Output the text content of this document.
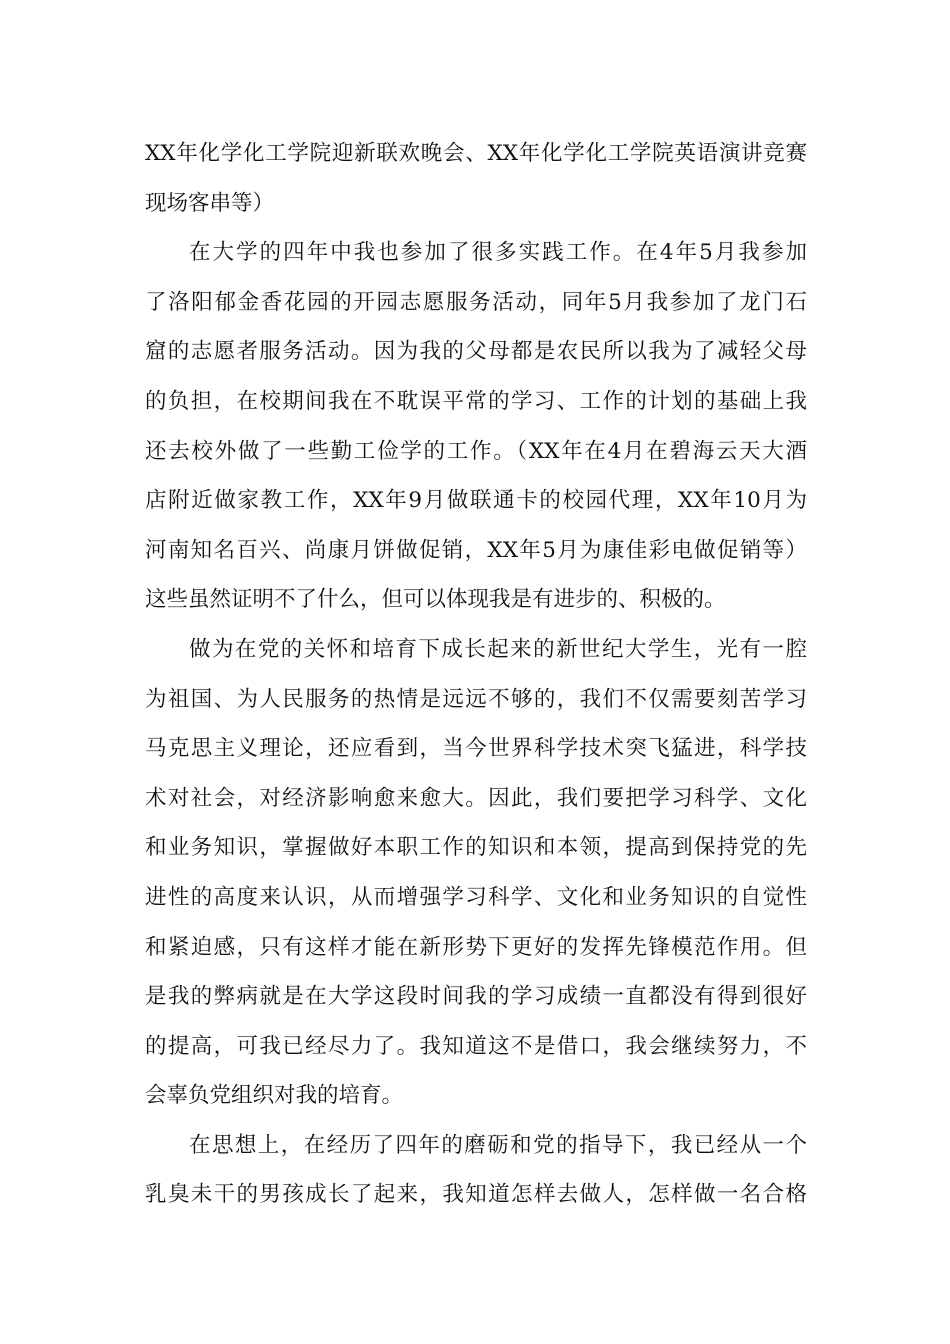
XX年化学化工学院迎新联欢晚会、XX年化学化工学院英语演讲竞赛
现场客串等）
在大学的四年中我也参加了很多实践工作。在4年5月我参加
了洛阳郁金香花园的开园志愿服务活动，同年5月我参加了龙门石
窟的志愿者服务活动。因为我的父母都是农民所以我为了减轻父母
的负担，在校期间我在不耽误平常的学习、工作的计划的基础上我
还去校外做了一些勤工俭学的工作。（XX年在4月在碧海云天大酒
店附近做家教工作，XX年9月做联通卡的校园代理，XX年10月为
河南知名百兴、尚康月饼做促销，XX年5月为康佳彩电做促销等）
这些虽然证明不了什么，但可以体现我是有进步的、积极的。
做为在党的关怀和培育下成长起来的新世纪大学生，光有一腔
为祖国、为人民服务的热情是远远不够的，我们不仅需要刻苦学习
马克思主义理论，还应看到，当今世界科学技术突飞猛进，科学技
术对社会，对经济影响愈来愈大。因此，我们要把学习科学、文化
和业务知识，掌握做好本职工作的知识和本领，提高到保持党的先
进性的高度来认识，从而增强学习科学、文化和业务知识的自觉性
和紧迫感，只有这样才能在新形势下更好的发挥先锋模范作用。但
是我的弊病就是在大学这段时间我的学习成绩一直都没有得到很好
的提高，可我已经尽力了。我知道这不是借口，我会继续努力，不
会辜负党组织对我的培育。
在思想上，在经历了四年的磨砺和党的指导下，我已经从一个
乳臭未干的男孩成长了起来，我知道怎样去做人，怎样做一名合格
